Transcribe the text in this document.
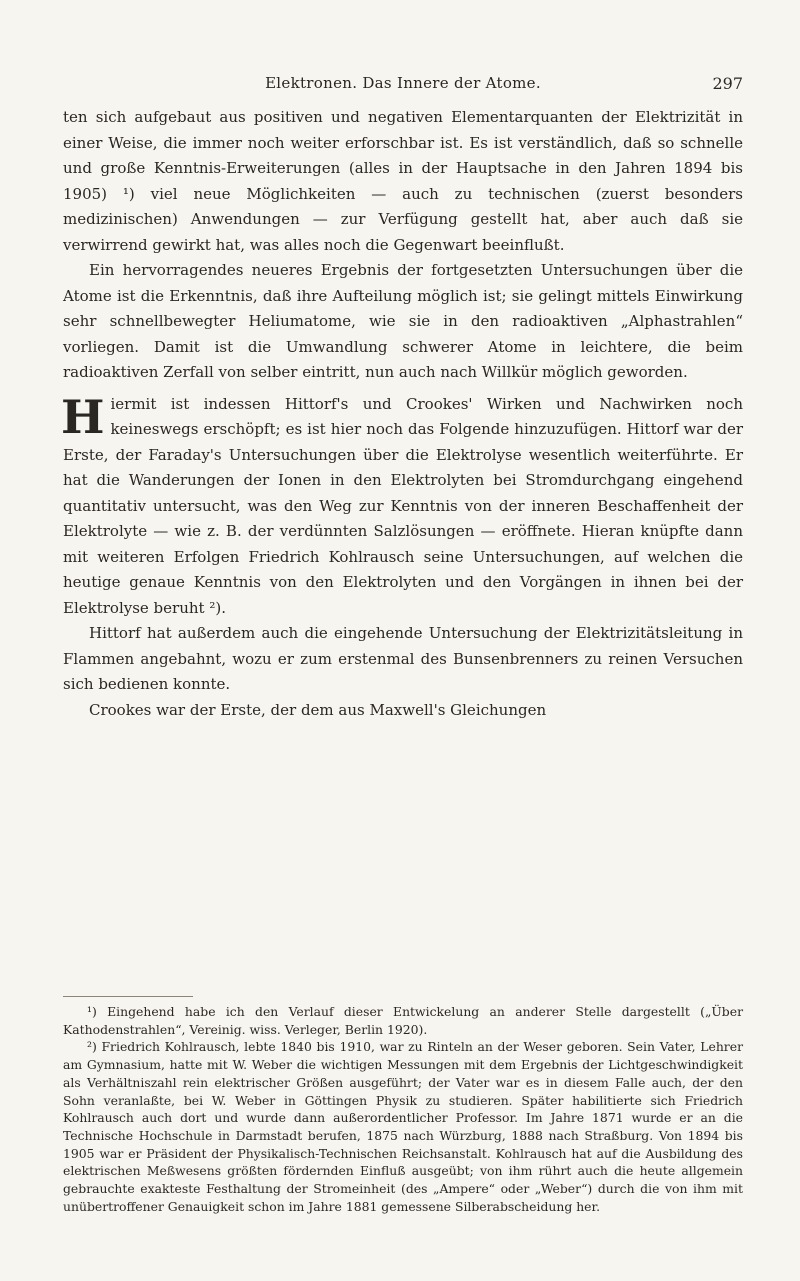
Elektronen. Das Innere der Atome.	297

ten sich aufgebaut aus positiven und negativen Elementarquanten der Elektrizität in einer Weise, die immer noch weiter erforschbar ist. Es ist verständlich, daß so schnelle und große Kenntnis-Erweiterungen (alles in der Hauptsache in den Jahren 1894 bis 1905) ¹) viel neue Möglichkeiten — auch zu technischen (zuerst besonders medizinischen) Anwendungen — zur Verfügung gestellt hat, aber auch daß sie verwirrend gewirkt hat, was alles noch die Gegenwart beeinflußt.

Ein hervorragendes neueres Ergebnis der fortgesetzten Untersuchungen über die Atome ist die Erkenntnis, daß ihre Aufteilung möglich ist; sie gelingt mittels Einwirkung sehr schnellbewegter Heliumatome, wie sie in den radioaktiven „Alphastrahlen“ vorliegen. Damit ist die Umwandlung schwerer Atome in leichtere, die beim radioaktiven Zerfall von selber eintritt, nun auch nach Willkür möglich geworden.

Hiermit ist indessen Hittorf's und Crookes' Wirken und Nachwirken noch keineswegs erschöpft; es ist hier noch das Folgende hinzuzufügen. Hittorf war der Erste, der Faraday's Untersuchungen über die Elektrolyse wesentlich weiterführte. Er hat die Wanderungen der Ionen in den Elektrolyten bei Stromdurchgang eingehend quantitativ untersucht, was den Weg zur Kenntnis von der inneren Beschaffenheit der Elektrolyte — wie z. B. der verdünnten Salzlösungen — eröffnete. Hieran knüpfte dann mit weiteren Erfolgen Friedrich Kohlrausch seine Untersuchungen, auf welchen die heutige genaue Kenntnis von den Elektrolyten und den Vorgängen in ihnen bei der Elektrolyse beruht ²).

Hittorf hat außerdem auch die eingehende Untersuchung der Elektrizitätsleitung in Flammen angebahnt, wozu er zum erstenmal des Bunsenbrenners zu reinen Versuchen sich bedienen konnte.

Crookes war der Erste, der dem aus Maxwell's Gleichungen

¹) Eingehend habe ich den Verlauf dieser Entwickelung an anderer Stelle dargestellt („Über Kathodenstrahlen“, Vereinig. wiss. Verleger, Berlin 1920).

²) Friedrich Kohlrausch, lebte 1840 bis 1910, war zu Rinteln an der Weser geboren. Sein Vater, Lehrer am Gymnasium, hatte mit W. Weber die wichtigen Messungen mit dem Ergebnis der Lichtgeschwindigkeit als Verhältniszahl rein elektrischer Größen ausgeführt; der Vater war es in diesem Falle auch, der den Sohn veranlaßte, bei W. Weber in Göttingen Physik zu studieren. Später habilitierte sich Friedrich Kohlrausch auch dort und wurde dann außerordentlicher Professor. Im Jahre 1871 wurde er an die Technische Hochschule in Darmstadt berufen, 1875 nach Würzburg, 1888 nach Straßburg. Von 1894 bis 1905 war er Präsident der Physikalisch-Technischen Reichsanstalt. Kohlrausch hat auf die Ausbildung des elektrischen Meßwesens größten fördernden Einfluß ausgeübt; von ihm rührt auch die heute allgemein gebrauchte exakteste Festhaltung der Stromeinheit (des „Ampere“ oder „Weber“) durch die von ihm mit unübertroffener Genauigkeit schon im Jahre 1881 gemessene Silberabscheidung her.
